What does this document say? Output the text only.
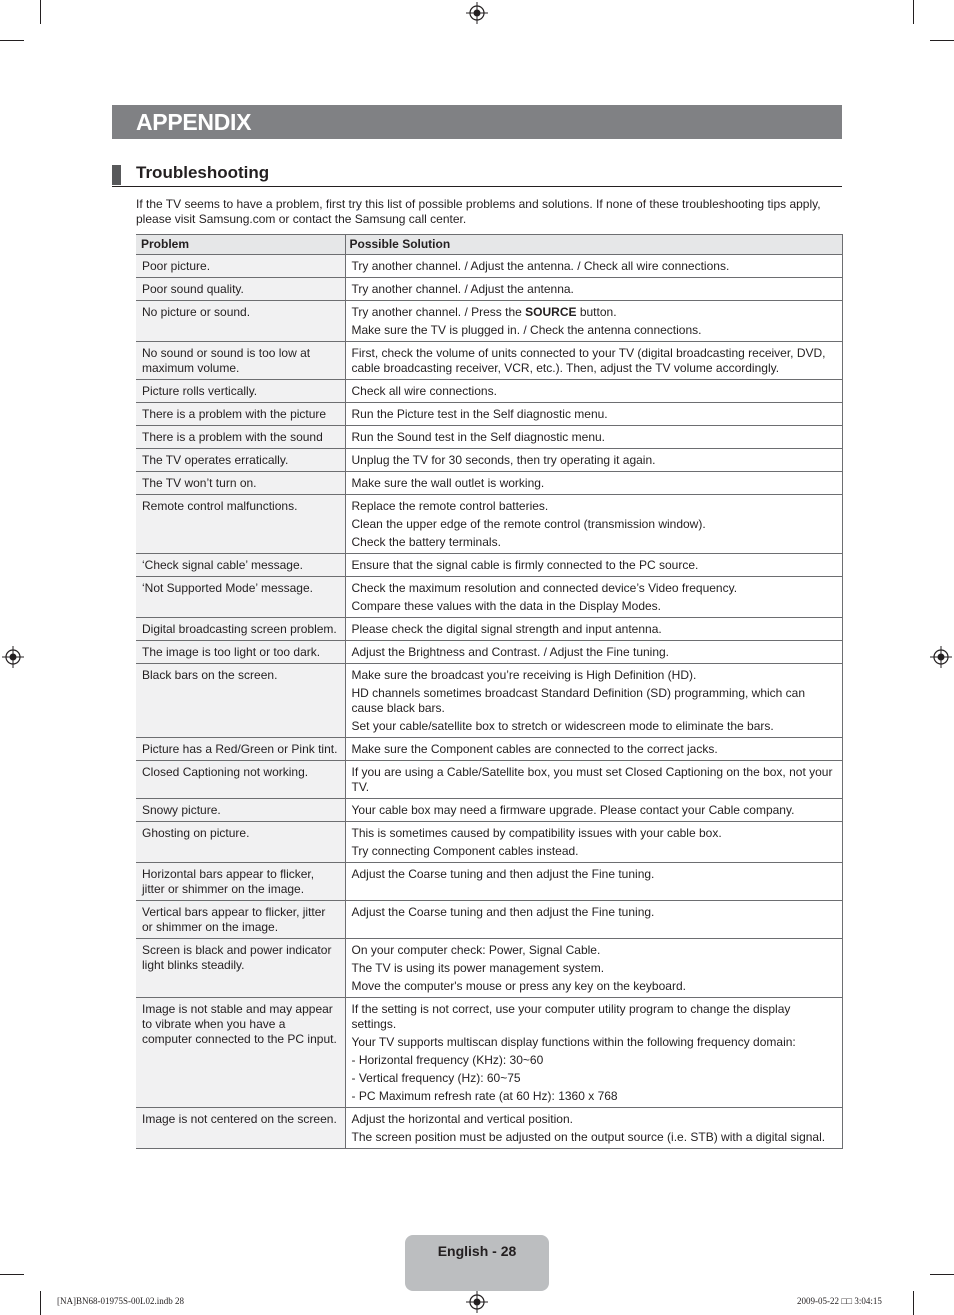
APPENDIX
Troubleshooting

If the TV seems to have a problem, first try this list of possible problems and solutions. If none of these troubleshooting tips apply, please visit Samsung.com or contact the Samsung call center.

Problem	Possible Solution
Poor picture.	Try another channel. / Adjust the antenna. / Check all wire connections.

Poor sound quality.	Try another channel. / Adjust the antenna.

No picture or sound.	Try another channel. / Press the SOURCE button.
Make sure the TV is plugged in. / Check the antenna connections.

No sound or sound is too low at maximum volume.	First, check the volume of units connected to your TV (digital broadcasting receiver, DVD, cable broadcasting receiver, VCR, etc.). Then, adjust the TV volume accordingly.

Picture rolls vertically.	Check all wire connections.

There is a problem with the picture	Run the Picture test in the Self diagnostic menu.

There is a problem with the sound	Run the Sound test in the Self diagnostic menu.

The TV operates erratically.	Unplug the TV for 30 seconds, then try operating it again.

The TV won’t turn on.	Make sure the wall outlet is working.

Remote control malfunctions.	Replace the remote control batteries.
Clean the upper edge of the remote control (transmission window).
Check the battery terminals.

‘Check signal cable’ message.	Ensure that the signal cable is firmly connected to the PC source.

‘Not Supported Mode’ message.	Check the maximum resolution and connected device’s Video frequency.
Compare these values with the data in the Display Modes.

Digital broadcasting screen problem.	Please check the digital signal strength and input antenna.

The image is too light or too dark.	Adjust the Brightness and Contrast. / Adjust the Fine tuning.

Black bars on the screen.	Make sure the broadcast you’re receiving is High Definition (HD).
HD channels sometimes broadcast Standard Definition (SD) programming, which can cause black bars.
Set your cable/satellite box to stretch or widescreen mode to eliminate the bars.

Picture has a Red/Green or Pink tint.	Make sure the Component cables are connected to the correct jacks.

Closed Captioning not working.	If you are using a Cable/Satellite box, you must set Closed Captioning on the box, not your TV.

Snowy picture.	Your cable box may need a firmware upgrade. Please contact your Cable company.

Ghosting on picture.	This is sometimes caused by compatibility issues with your cable box.
Try connecting Component cables instead.

Horizontal bars appear to flicker, jitter or shimmer on the image.	Adjust the Coarse tuning and then adjust the Fine tuning.

Vertical bars appear to flicker, jitter or shimmer on the image.	Adjust the Coarse tuning and then adjust the Fine tuning.

Screen is black and power indicator light blinks steadily.	On your computer check: Power, Signal Cable.
The TV is using its power management system.
Move the computer's mouse or press any key on the keyboard.

Image is not stable and may appear to vibrate when you have a computer connected to the PC input.	If the setting is not correct, use your computer utility program to change the display settings.
Your TV supports multiscan display functions within the following frequency domain:
- Horizontal frequency (KHz): 30~60
- Vertical frequency (Hz): 60~75
- PC Maximum refresh rate (at 60 Hz): 1360 x 768

Image is not centered on the screen.	Adjust the horizontal and vertical position.
The screen position must be adjusted on the output source (i.e. STB) with a digital signal.
English - 28
[NA]BN68-01975S-00L02.indb 28	2009-05-22 □□ 3:04:15
